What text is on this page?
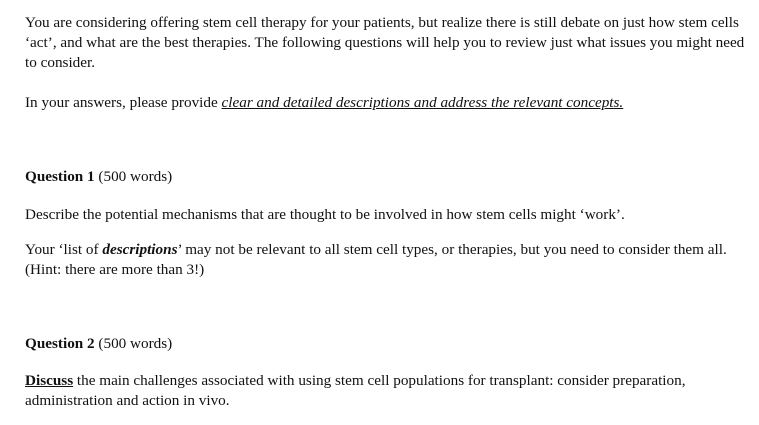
You are considering offering stem cell therapy for your patients, but realize there is still debate on just how stem cells ‘act’, and what are the best therapies. The following questions will help you to review just what issues you might need to consider.

In your answers, please provide clear and detailed descriptions and address the relevant concepts.

Question 1 (500 words)

Describe the potential mechanisms that are thought to be involved in how stem cells might ‘work’.

Your ‘list of descriptions’ may not be relevant to all stem cell types, or therapies, but you need to consider them all. (Hint: there are more than 3!)

Question 2 (500 words)

Discuss the main challenges associated with using stem cell populations for transplant: consider preparation, administration and action in vivo.
